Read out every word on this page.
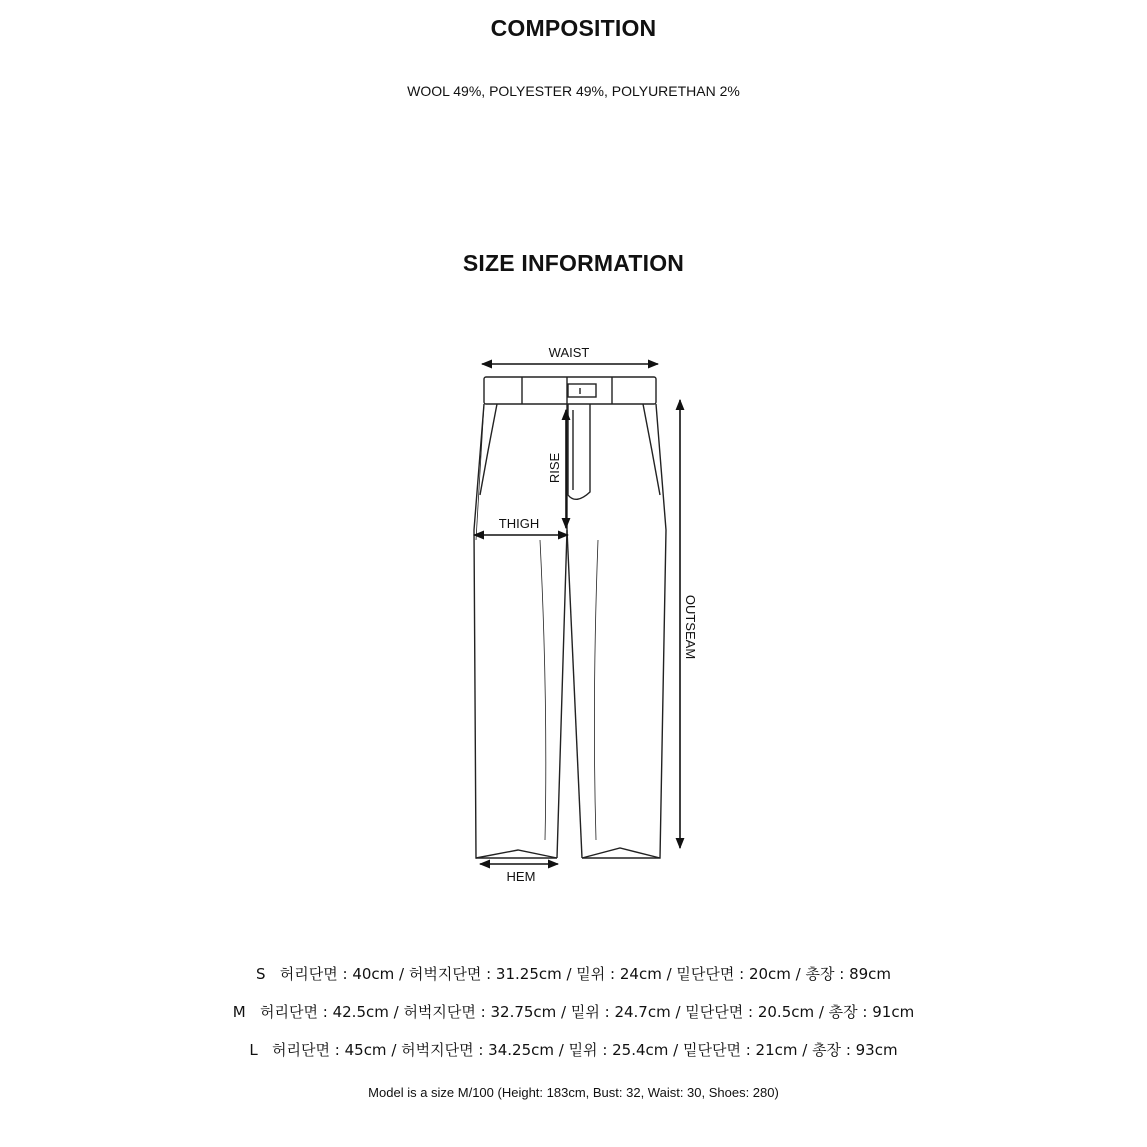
COMPOSITION
WOOL 49%, POLYESTER 49%, POLYURETHAN 2%
SIZE INFORMATION
WAIST
RISE
THIGH
OUTSEAM
HEM
S   허리단면 : 40cm / 허벅지단면 : 31.25cm / 밑위 : 24cm / 밑단단면 : 20cm / 총장 : 89cm
M   허리단면 : 42.5cm / 허벅지단면 : 32.75cm / 밑위 : 24.7cm / 밑단단면 : 20.5cm / 총장 : 91cm
L   허리단면 : 45cm / 허벅지단면 : 34.25cm / 밑위 : 25.4cm / 밑단단면 : 21cm / 총장 : 93cm
Model is a size M/100 (Height: 183cm, Bust: 32, Waist: 30, Shoes: 280)
